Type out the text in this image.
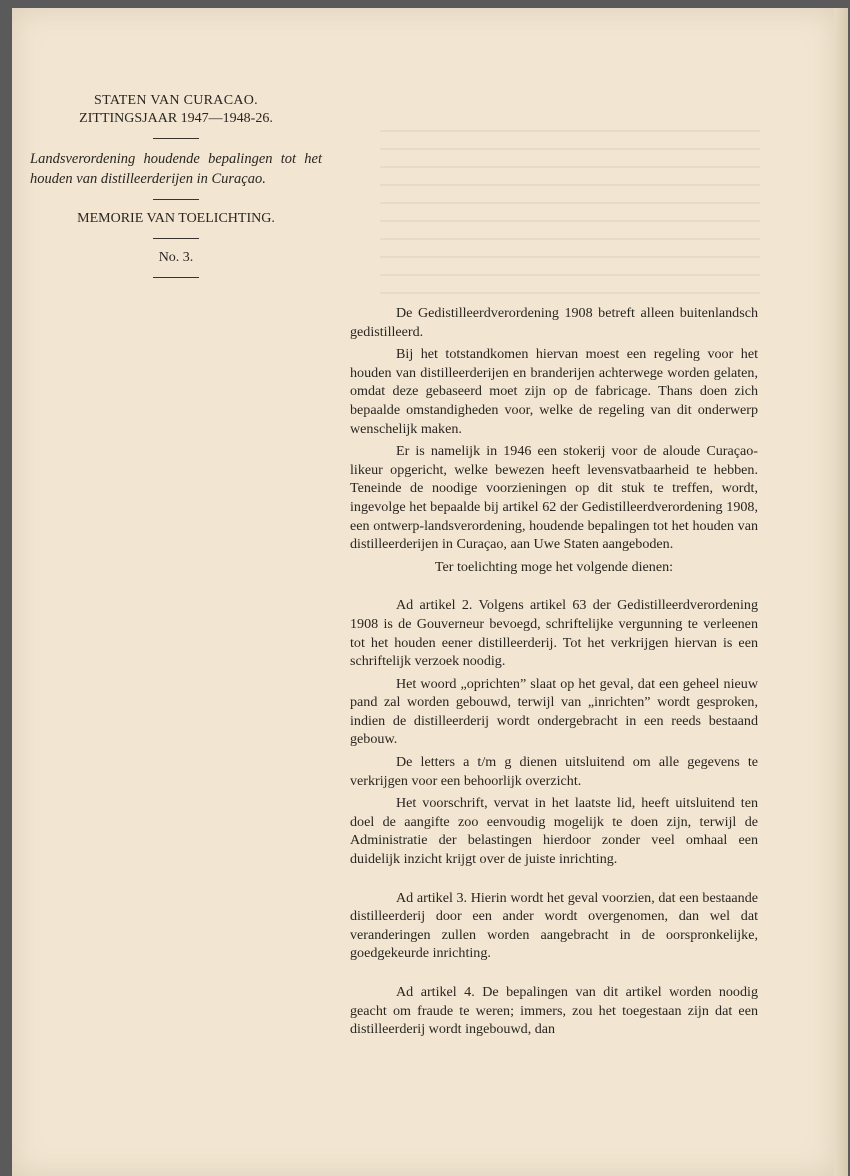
STATEN VAN CURACAO.

ZITTINGSJAAR 1947—1948-26.

Landsverordening houdende bepalingen tot het houden van distilleerderijen in Curaçao.

MEMORIE VAN TOELICHTING.

No. 3.

De Gedistilleerdverordening 1908 betreft alleen buitenlandsch gedistilleerd.

Bij het totstandkomen hiervan moest een regeling voor het houden van distilleerderijen en branderijen achterwege worden gelaten, omdat deze gebaseerd moet zijn op de fabricage. Thans doen zich bepaalde omstandigheden voor, welke de regeling van dit onderwerp wenschelijk maken.

Er is namelijk in 1946 een stokerij voor de aloude Curaçao-likeur opgericht, welke bewezen heeft levensvatbaarheid te hebben. Teneinde de noodige voorzieningen op dit stuk te treffen, wordt, ingevolge het bepaalde bij artikel 62 der Gedistilleerdverordening 1908, een ontwerp-landsverordening, houdende bepalingen tot het houden van distilleerderijen in Curaçao, aan Uwe Staten aangeboden.

Ter toelichting moge het volgende dienen:

Ad artikel 2. Volgens artikel 63 der Gedistilleerdverordening 1908 is de Gouverneur bevoegd, schriftelijke vergunning te verleenen tot het houden eener distilleerderij. Tot het verkrijgen hiervan is een schriftelijk verzoek noodig.

Het woord „oprichten” slaat op het geval, dat een geheel nieuw pand zal worden gebouwd, terwijl van „inrichten” wordt gesproken, indien de distilleerderij wordt ondergebracht in een reeds bestaand gebouw.

De letters a t/m g dienen uitsluitend om alle gegevens te verkrijgen voor een behoorlijk overzicht.

Het voorschrift, vervat in het laatste lid, heeft uitsluitend ten doel de aangifte zoo eenvoudig mogelijk te doen zijn, terwijl de Administratie der belastingen hierdoor zonder veel omhaal een duidelijk inzicht krijgt over de juiste inrichting.

Ad artikel 3. Hierin wordt het geval voorzien, dat een bestaande distilleerderij door een ander wordt overgenomen, dan wel dat veranderingen zullen worden aangebracht in de oorspronkelijke, goedgekeurde inrichting.

Ad artikel 4. De bepalingen van dit artikel worden noodig geacht om fraude te weren; immers, zou het toegestaan zijn dat een distilleerderij wordt ingebouwd, dan
